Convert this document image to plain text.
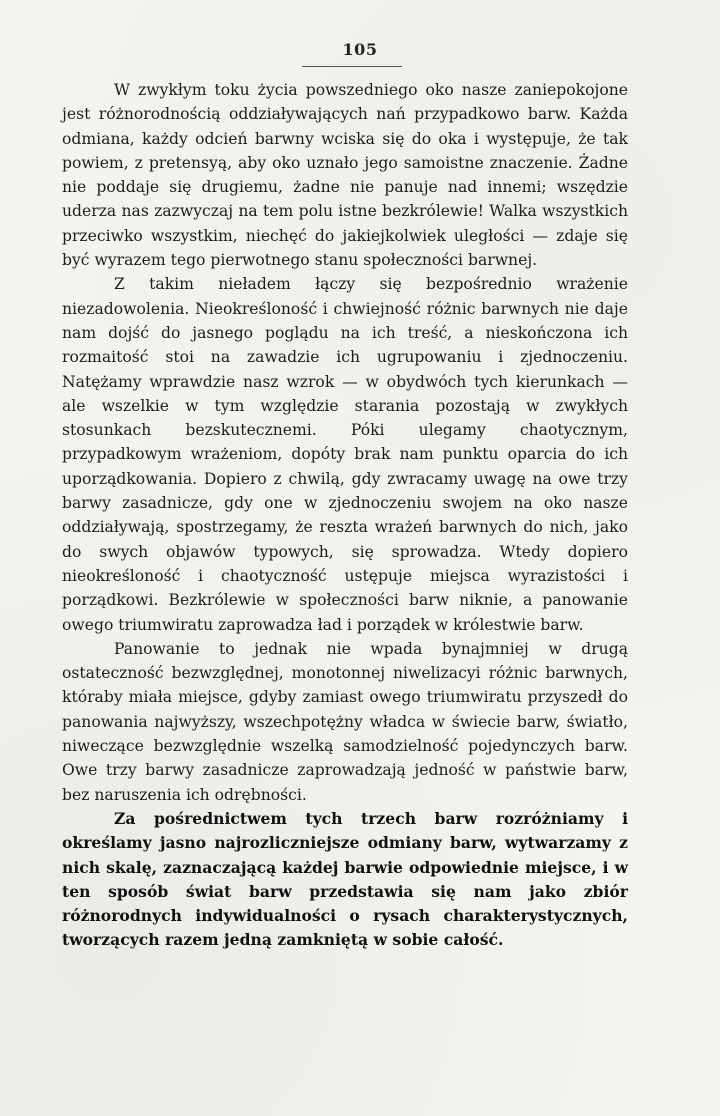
105

W zwykłym toku życia powszedniego oko nasze zaniepokojone jest różnorodnością oddziaływających nań przypadkowo barw. Każda odmiana, każdy odcień barwny wciska się do oka i występuje, że tak powiem, z pretensyą, aby oko uznało jego samoistne znaczenie. Żadne nie poddaje się drugiemu, żadne nie panuje nad innemi; wszędzie uderza nas zazwyczaj na tem polu istne bezkrólewie! Walka wszystkich przeciwko wszystkim, niechęć do jakiejkolwiek uległości — zdaje się być wyrazem tego pierwotnego stanu społeczności barwnej.

Z takim nieładem łączy się bezpośrednio wrażenie niezadowolenia. Nieokreśloność i chwiejność różnic barwnych nie daje nam dojść do jasnego poglądu na ich treść, a nieskończona ich rozmaitość stoi na zawadzie ich ugrupowaniu i zjednoczeniu. Natężamy wprawdzie nasz wzrok — w obydwóch tych kierunkach — ale wszelkie w tym względzie starania pozostają w zwykłych stosunkach bezskutecznemi. Póki ulegamy chaotycznym, przypadkowym wrażeniom, dopóty brak nam punktu oparcia do ich uporządkowania. Dopiero z chwilą, gdy zwracamy uwagę na owe trzy barwy zasadnicze, gdy one w zjednoczeniu swojem na oko nasze oddziaływają, spostrzegamy, że reszta wrażeń barwnych do nich, jako do swych objawów typowych, się sprowadza. Wtedy dopiero nieokreśloność i chaotyczność ustępuje miejsca wyrazistości i porządkowi. Bezkrólewie w społeczności barw niknie, a panowanie owego triumwiratu zaprowadza ład i porządek w królestwie barw.

Panowanie to jednak nie wpada bynajmniej w drugą ostateczność bezwzględnej, monotonnej niwelizacyi różnic barwnych, któraby miała miejsce, gdyby zamiast owego triumwiratu przyszedł do panowania najwyższy, wszechpotężny władca w świecie barw, światło, niweczące bezwzględnie wszelką samodzielność pojedynczych barw. Owe trzy barwy zasadnicze zaprowadzają jedność w państwie barw, bez naruszenia ich odrębności.

Za pośrednictwem tych trzech barw rozróżniamy i określamy jasno najrozliczniejsze odmiany barw, wytwarzamy z nich skalę, zaznaczającą każdej barwie odpowiednie miejsce, i w ten sposób świat barw przedstawia się nam jako zbiór różnorodnych indywidualności o rysach charakterystycznych, tworzących razem jedną zamkniętą w sobie całość.
